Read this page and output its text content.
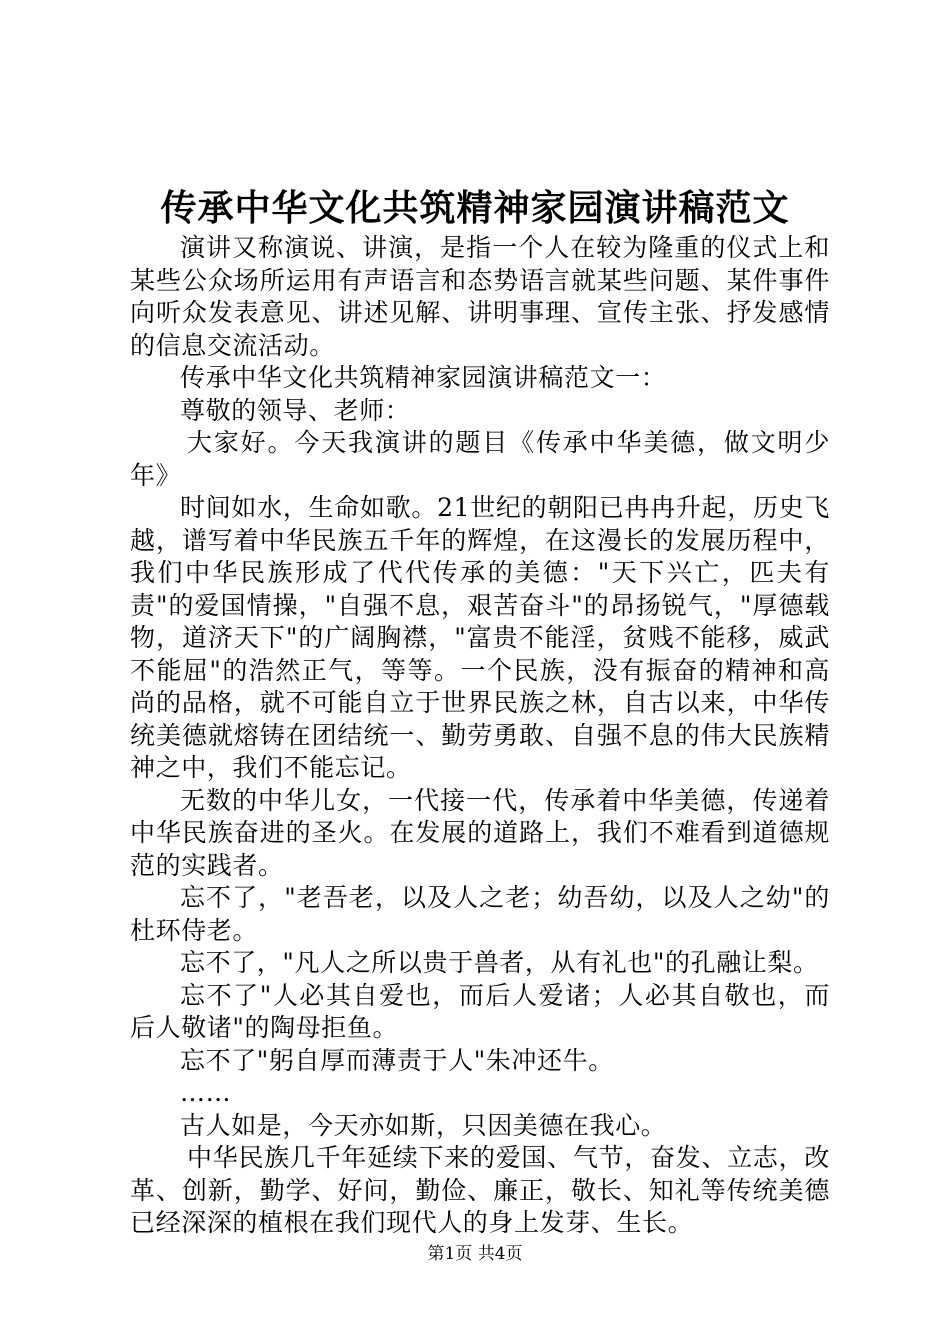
传承中华文化共筑精神家园演讲稿范文

演讲又称演说、讲演，是指一个人在较为隆重的仪式上和某些公众场所运用有声语言和态势语言就某些问题、某件事件向听众发表意见、讲述见解、讲明事理、宣传主张、抒发感情的信息交流活动。

传承中华文化共筑精神家园演讲稿范文一：

尊敬的领导、老师：

大家好。今天我演讲的题目《传承中华美德，做文明少年》

时间如水，生命如歌。21世纪的朝阳已冉冉升起，历史飞越，谱写着中华民族五千年的辉煌，在这漫长的发展历程中，我们中华民族形成了代代传承的美德："天下兴亡，匹夫有责"的爱国情操，"自强不息，艰苦奋斗"的昂扬锐气，"厚德载物，道济天下"的广阔胸襟，"富贵不能淫，贫贱不能移，威武不能屈"的浩然正气，等等。一个民族，没有振奋的精神和高尚的品格，就不可能自立于世界民族之林，自古以来，中华传统美德就熔铸在团结统一、勤劳勇敢、自强不息的伟大民族精神之中，我们不能忘记。

无数的中华儿女，一代接一代，传承着中华美德，传递着中华民族奋进的圣火。在发展的道路上，我们不难看到道德规范的实践者。

忘不了，"老吾老，以及人之老；幼吾幼，以及人之幼"的杜环侍老。

忘不了，"凡人之所以贵于兽者，从有礼也"的孔融让梨。

忘不了"人必其自爱也，而后人爱诸；人必其自敬也，而后人敬诸"的陶母拒鱼。

忘不了"躬自厚而薄责于人"朱冲还牛。

……

古人如是，今天亦如斯，只因美德在我心。

中华民族几千年延续下来的爱国、气节，奋发、立志，改革、创新，勤学、好问，勤俭、廉正，敬长、知礼等传统美德已经深深的植根在我们现代人的身上发芽、生长。

第1页 共4页
